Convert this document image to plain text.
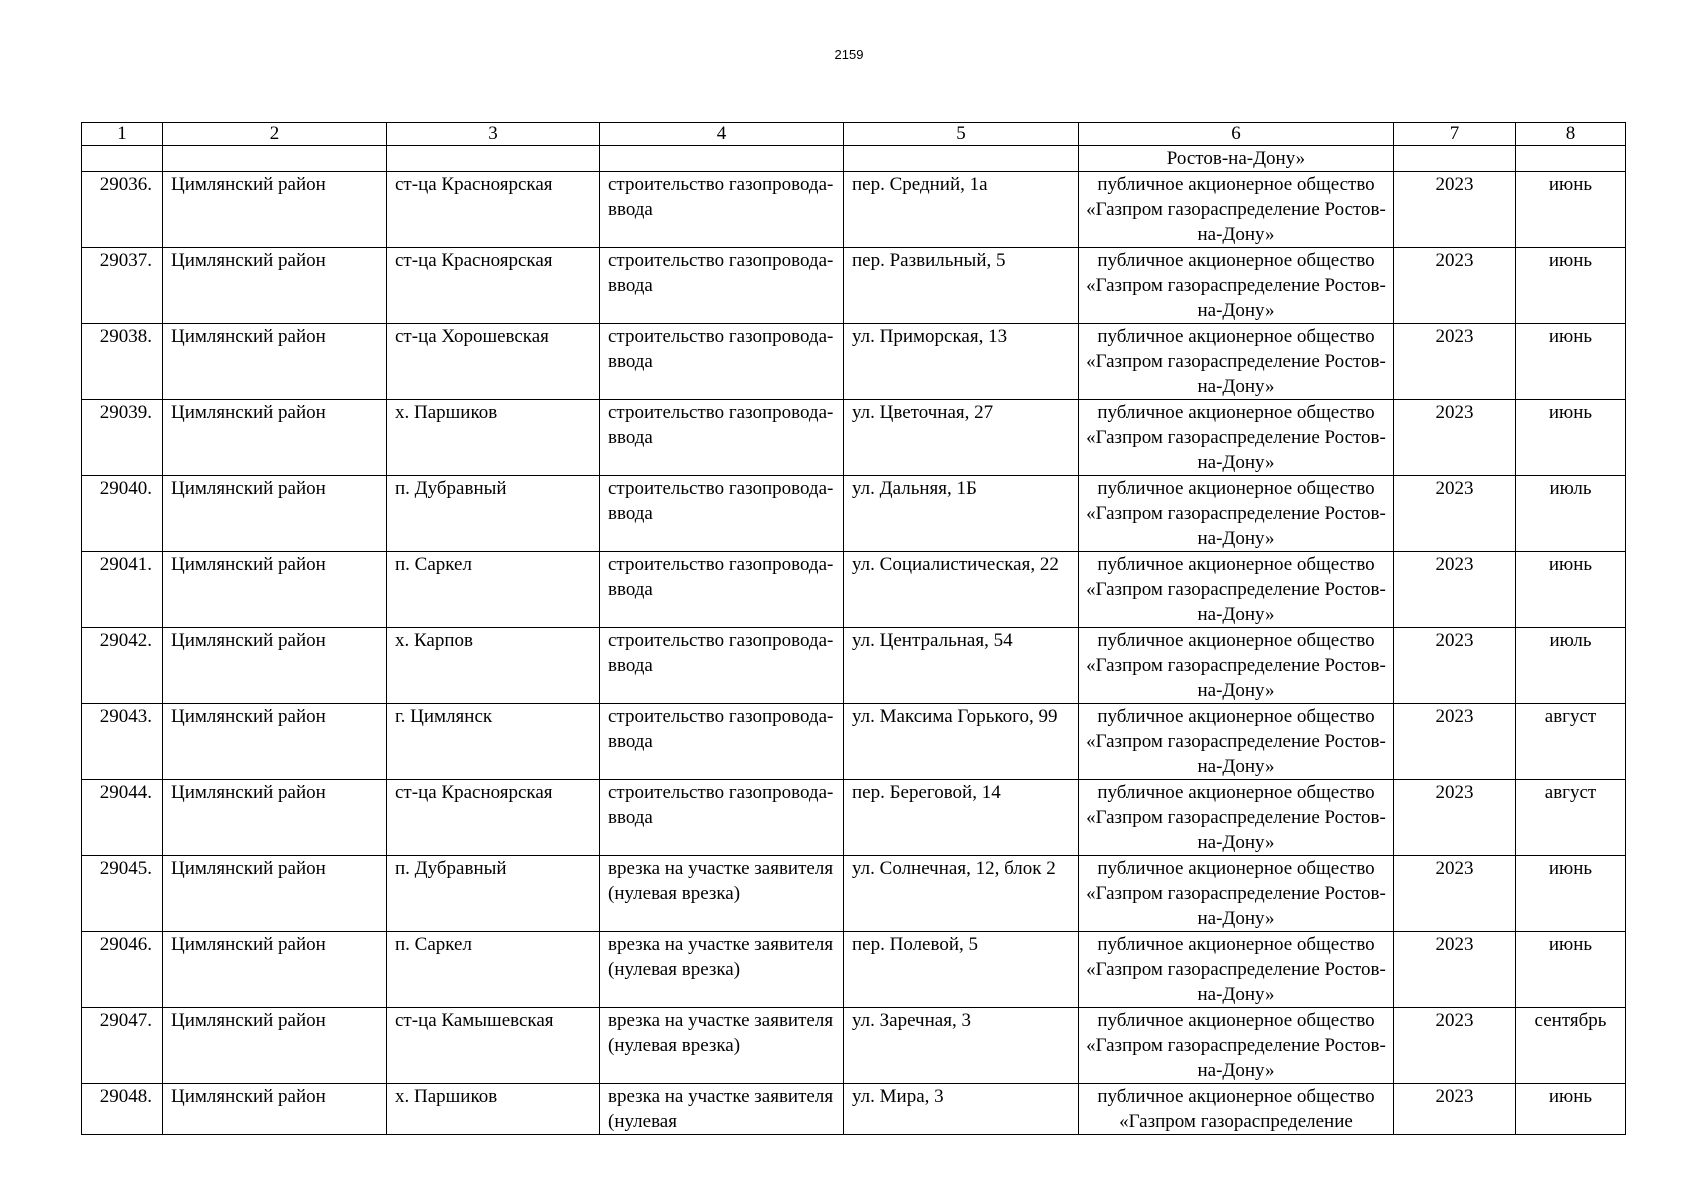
2159
1	2	3	4	5	6	7	8
					Ростов-на-Дону»		
29036.	Цимлянский район	ст-ца Красноярская	строительство газопровода-ввода	пер. Средний, 1а	публичное акционерное общество «Газпром газораспределение Ростов-на-Дону»	2023	июнь
29037.	Цимлянский район	ст-ца Красноярская	строительство газопровода-ввода	пер. Развильный, 5	публичное акционерное общество «Газпром газораспределение Ростов-на-Дону»	2023	июнь
29038.	Цимлянский район	ст-ца Хорошевская	строительство газопровода-ввода	ул. Приморская, 13	публичное акционерное общество «Газпром газораспределение Ростов-на-Дону»	2023	июнь
29039.	Цимлянский район	х. Паршиков	строительство газопровода-ввода	ул. Цветочная, 27	публичное акционерное общество «Газпром газораспределение Ростов-на-Дону»	2023	июнь
29040.	Цимлянский район	п. Дубравный	строительство газопровода-ввода	ул. Дальняя, 1Б	публичное акционерное общество «Газпром газораспределение Ростов-на-Дону»	2023	июль
29041.	Цимлянский район	п. Саркел	строительство газопровода-ввода	ул. Социалистическая, 22	публичное акционерное общество «Газпром газораспределение Ростов-на-Дону»	2023	июнь
29042.	Цимлянский район	х. Карпов	строительство газопровода-ввода	ул. Центральная, 54	публичное акционерное общество «Газпром газораспределение Ростов-на-Дону»	2023	июль
29043.	Цимлянский район	г. Цимлянск	строительство газопровода-ввода	ул. Максима Горького, 99	публичное акционерное общество «Газпром газораспределение Ростов-на-Дону»	2023	август
29044.	Цимлянский район	ст-ца Красноярская	строительство газопровода-ввода	пер. Береговой, 14	публичное акционерное общество «Газпром газораспределение Ростов-на-Дону»	2023	август
29045.	Цимлянский район	п. Дубравный	врезка на участке заявителя (нулевая врезка)	ул. Солнечная, 12, блок 2	публичное акционерное общество «Газпром газораспределение Ростов-на-Дону»	2023	июнь
29046.	Цимлянский район	п. Саркел	врезка на участке заявителя (нулевая врезка)	пер. Полевой, 5	публичное акционерное общество «Газпром газораспределение Ростов-на-Дону»	2023	июнь
29047.	Цимлянский район	ст-ца Камышевская	врезка на участке заявителя (нулевая врезка)	ул. Заречная, 3	публичное акционерное общество «Газпром газораспределение Ростов-на-Дону»	2023	сентябрь
29048.	Цимлянский район	х. Паршиков	врезка на участке заявителя (нулевая	ул. Мира, 3	публичное акционерное общество «Газпром газораспределение	2023	июнь
